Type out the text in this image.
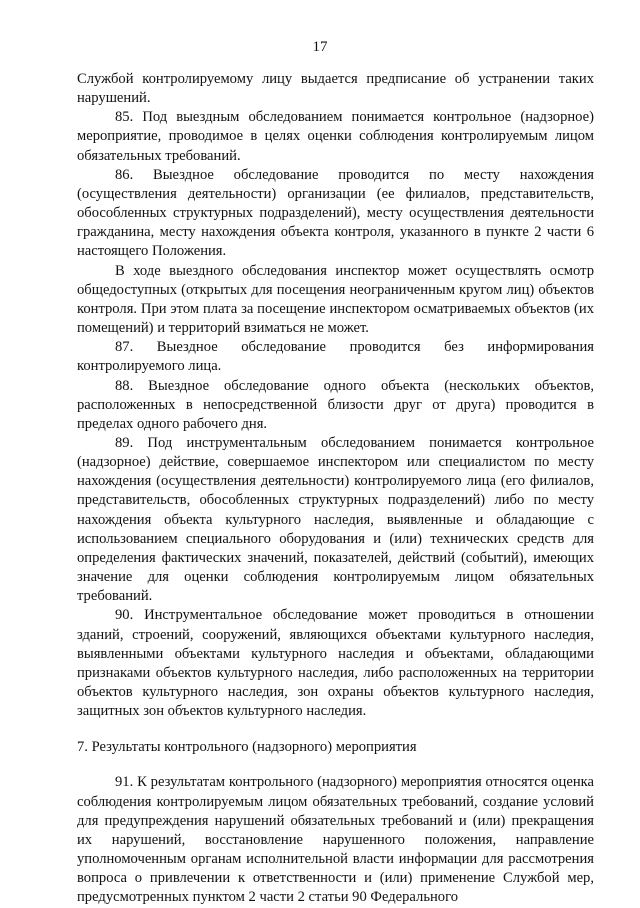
17

Службой контролируемому лицу выдается предписание об устранении таких нарушений.

85. Под выездным обследованием понимается контрольное (надзорное) мероприятие, проводимое в целях оценки соблюдения контролируемым лицом обязательных требований.

86. Выездное обследование проводится по месту нахождения (осуществления деятельности) организации (ее филиалов, представительств, обособленных структурных подразделений), месту осуществления деятельности гражданина, месту нахождения объекта контроля, указанного в пункте 2 части 6 настоящего Положения.

В ходе выездного обследования инспектор может осуществлять осмотр общедоступных (открытых для посещения неограниченным кругом лиц) объектов контроля. При этом плата за посещение инспектором осматриваемых объектов (их помещений) и территорий взиматься не может.

87. Выездное обследование проводится без информирования контролируемого лица.

88. Выездное обследование одного объекта (нескольких объектов, расположенных в непосредственной близости друг от друга) проводится в пределах одного рабочего дня.

89. Под инструментальным обследованием понимается контрольное (надзорное) действие, совершаемое инспектором или специалистом по месту нахождения (осуществления деятельности) контролируемого лица (его филиалов, представительств, обособленных структурных подразделений) либо по месту нахождения объекта культурного наследия, выявленные и обладающие с использованием специального оборудования и (или) технических средств для определения фактических значений, показателей, действий (событий), имеющих значение для оценки соблюдения контролируемым лицом обязательных требований.

90. Инструментальное обследование может проводиться в отношении зданий, строений, сооружений, являющихся объектами культурного наследия, выявленными объектами культурного наследия и объектами, обладающими признаками объектов культурного наследия, либо расположенных на территории объектов культурного наследия, зон охраны объектов культурного наследия, защитных зон объектов культурного наследия.

7. Результаты контрольного (надзорного) мероприятия

91. К результатам контрольного (надзорного) мероприятия относятся оценка соблюдения контролируемым лицом обязательных требований, создание условий для предупреждения нарушений обязательных требований и (или) прекращения их нарушений, восстановление нарушенного положения, направление уполномоченным органам исполнительной власти информации для рассмотрения вопроса о привлечении к ответственности и (или) применение Службой мер, предусмотренных пунктом 2 части 2 статьи 90 Федерального
